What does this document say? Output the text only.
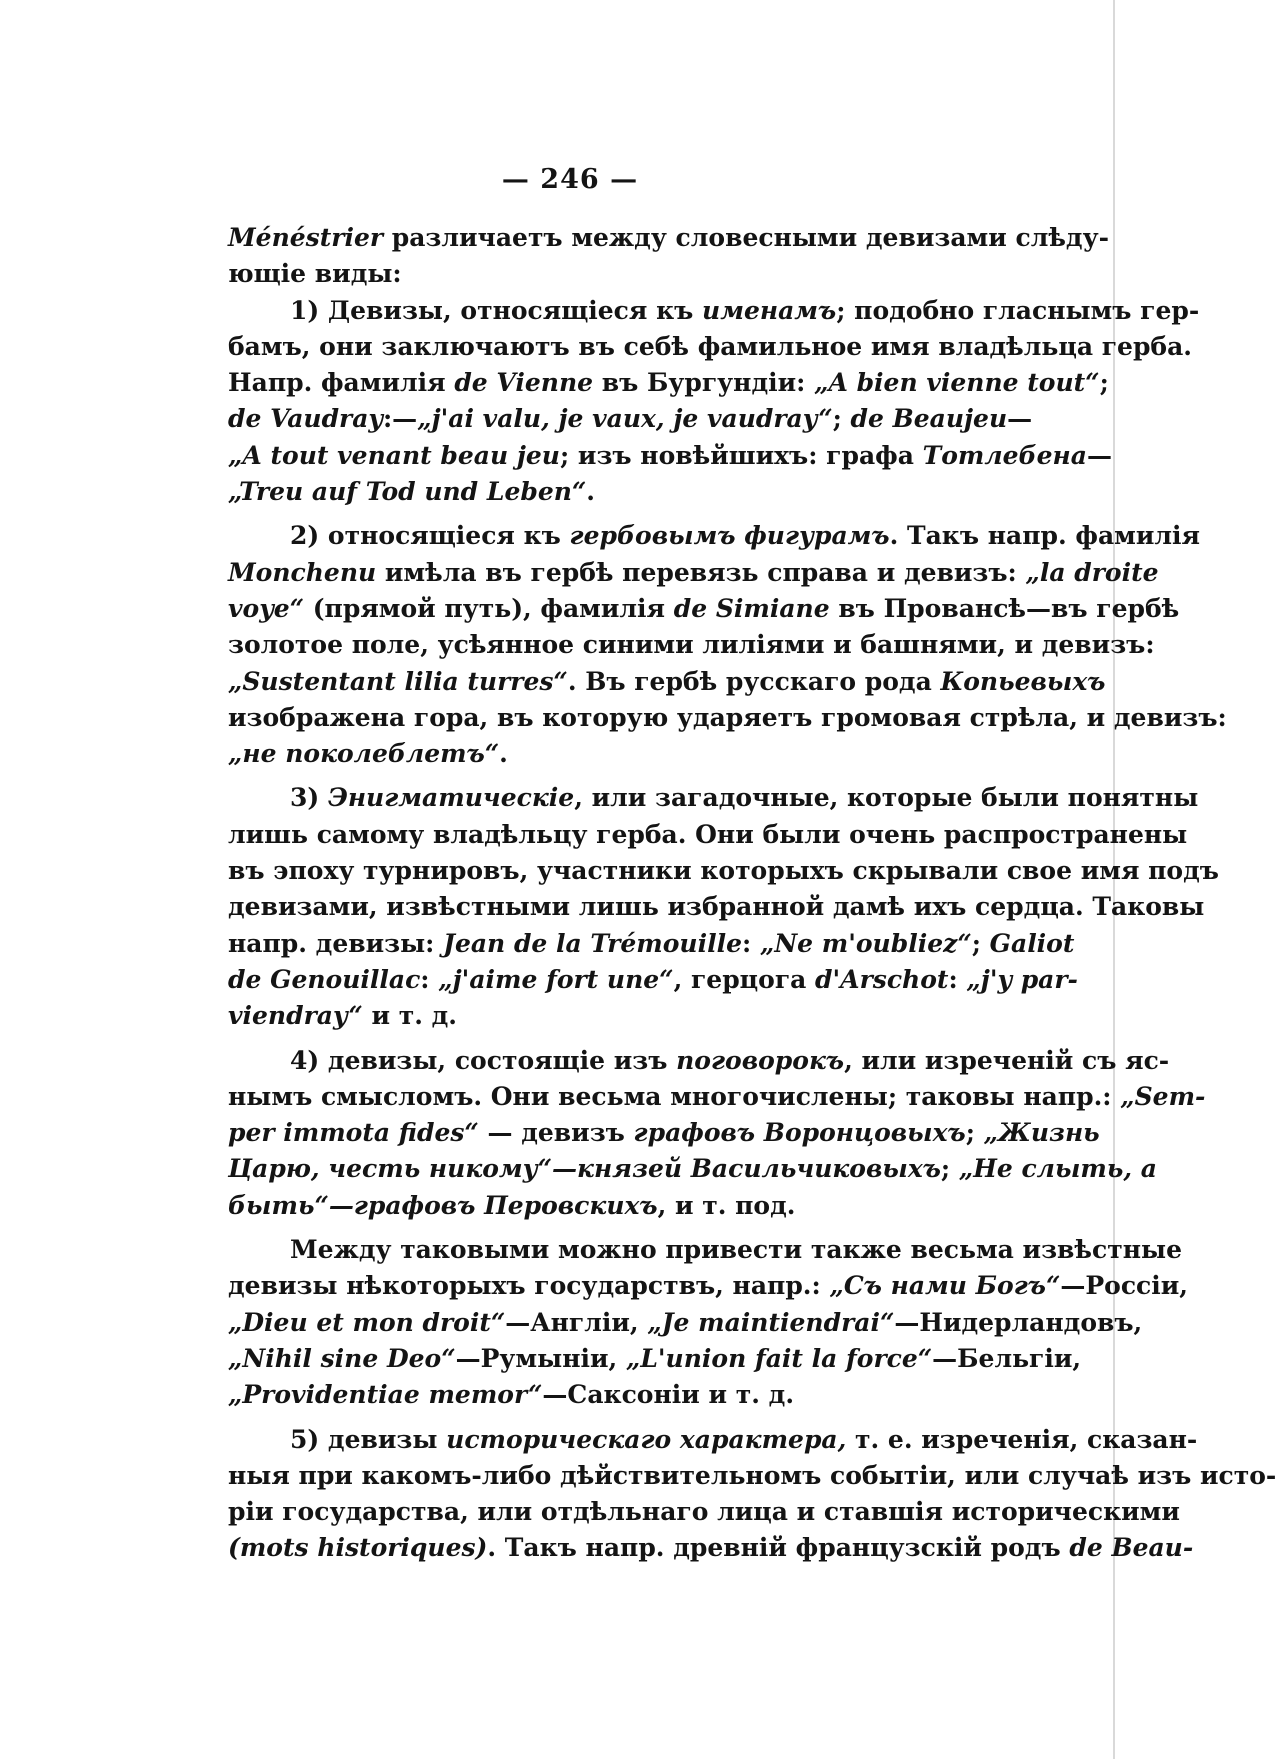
— 246 —
Ménéstrier различаетъ между словесными девизами слѣду-
ющіе виды:
1) Девизы, относящіеся къ именамъ; подобно гласнымъ гер-
бамъ, они заключаютъ въ себѣ фамильное имя владѣльца герба.
Напр. фамилія de Vienne въ Бургундіи: „A bien vienne tout“;
de Vaudray:—„j'ai valu, je vaux, je vaudray“; de Beaujeu—
„A tout venant beau jeu; изъ новѣйшихъ: графа Тотлебена—
„Treu auf Tod und Leben“.
2) относящіеся къ гербовымъ фигурамъ. Такъ напр. фамилія
Monchenu имѣла въ гербѣ перевязь справа и девизъ: „la droite
voye“ (прямой путь), фамилія de Simiane въ Провансѣ—въ гербѣ
золотое поле, усѣянное синими лиліями и башнями, и девизъ:
„Sustentant lilia turres“. Въ гербѣ русскаго рода Копьевыхъ
изображена гора, въ которую ударяетъ громовая стрѣла, и девизъ:
„не поколеблетъ“.
3) Энигматическіе, или загадочные, которые были понятны
лишь самому владѣльцу герба. Они были очень распространены
въ эпоху турнировъ, участники которыхъ скрывали свое имя подъ
девизами, извѣстными лишь избранной дамѣ ихъ сердца. Таковы
напр. девизы: Jean de la Trémouille: „Ne m'oubliez“; Galiot
de Genouillac: „j'aime fort une“, герцога d'Arschot: „j'y par-
viendray“ и т. д.
4) девизы, состоящіе изъ поговорокъ, или изреченій съ яс-
нымъ смысломъ. Они весьма многочислены; таковы напр.: „Sem-
per immota fides“ — девизъ графовъ Воронцовыхъ; „Жизнь
Царю, честь никому“—князей Васильчиковыхъ; „Не слыть, а
быть“—графовъ Перовскихъ, и т. под.
Между таковыми можно привести также весьма извѣстные
девизы нѣкоторыхъ государствъ, напр.: „Съ нами Богъ“—Россіи,
„Dieu et mon droit“—Англіи, „Je maintiendrai“—Нидерландовъ,
„Nihil sine Deo“—Румыніи, „L'union fait la force“—Бельгіи,
„Providentiae memor“—Саксоніи и т. д.
5) девизы историческаго характера, т. е. изреченія, сказан-
ныя при какомъ-либо дѣйствительномъ событіи, или случаѣ изъ исто-
ріи государства, или отдѣльнаго лица и ставшія историческими
(mots historiques). Такъ напр. древній французскій родъ de Beau-
